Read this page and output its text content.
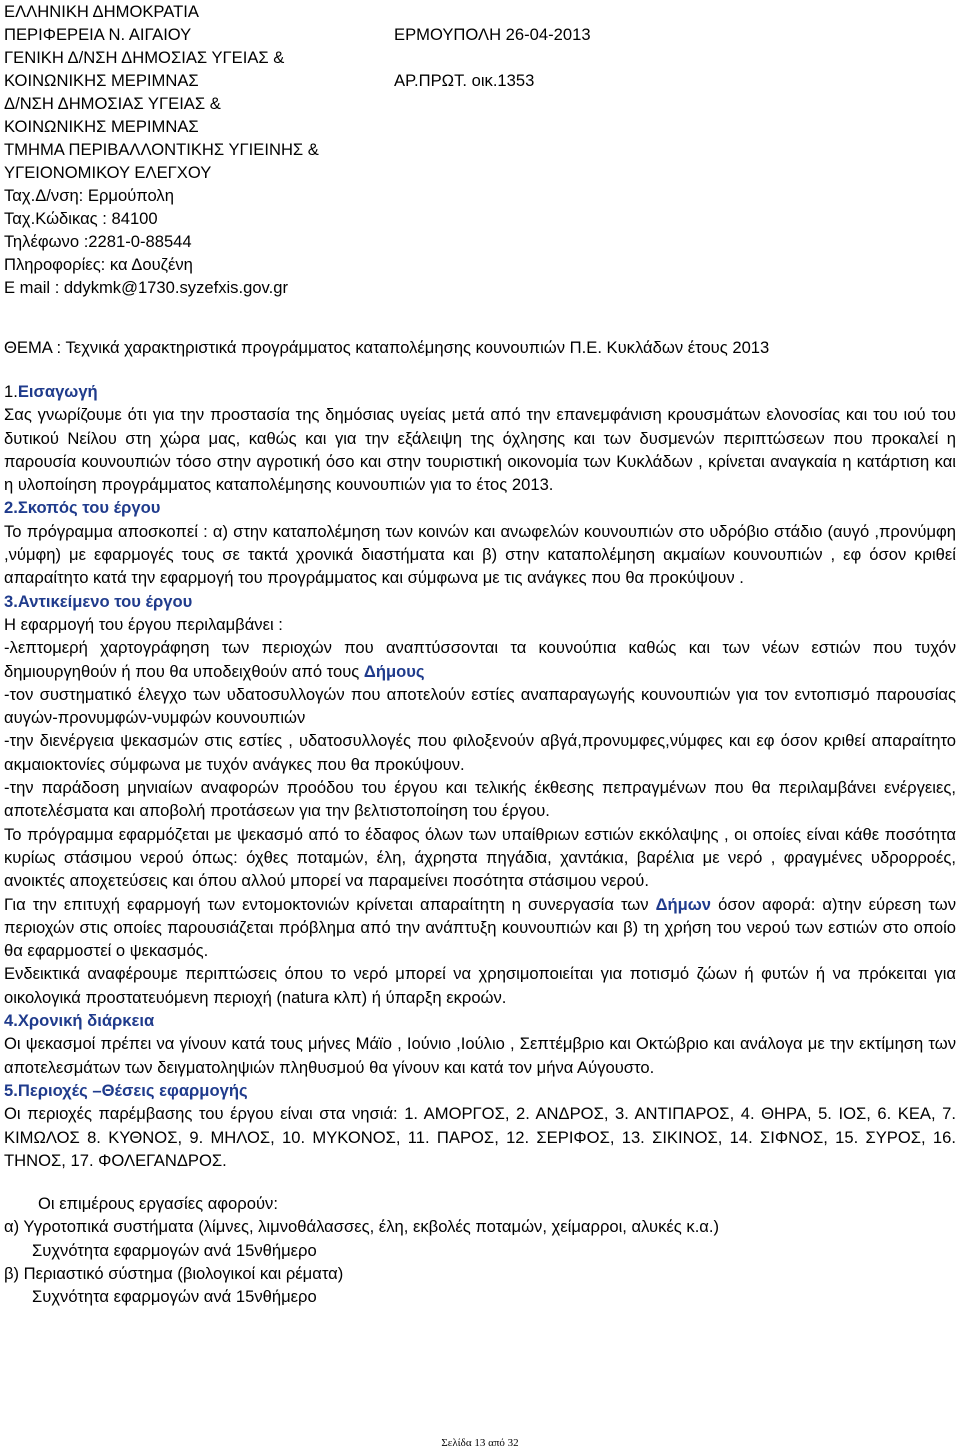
ΕΛΛΗΝΙΚΗ ΔΗΜΟΚΡΑΤΙΑ
ΠΕΡΙΦΕΡΕΙΑ Ν. ΑΙΓΑΙΟΥ
ΓΕΝΙΚΗ Δ/ΝΣΗ ΔΗΜΟΣΙΑΣ ΥΓΕΙΑΣ &
ΚΟΙΝΩΝΙΚΗΣ ΜΕΡΙΜΝΑΣ
Δ/ΝΣΗ ΔΗΜΟΣΙΑΣ ΥΓΕΙΑΣ &
ΚΟΙΝΩΝΙΚΗΣ ΜΕΡΙΜΝΑΣ
ΤΜΗΜΑ ΠΕΡΙΒΑΛΛΟΝΤΙΚΗΣ ΥΓΙΕΙΝΗΣ &
ΥΓΕΙΟΝΟΜΙΚΟΥ ΕΛΕΓΧΟΥ
Ταχ.Δ/νση: Ερμούπολη
Ταχ.Κώδικας : 84100
Τηλέφωνο :2281-0-88544
Πληροφορίες: κα Δουζένη
E mail : ddykmk@1730.syzefxis.gov.gr
ΕΡΜΟΥΠΟΛΗ 26-04-2013
ΑΡ.ΠΡΩΤ. οικ.1353
ΘΕΜΑ : Τεχνικά χαρακτηριστικά προγράμματος καταπολέμησης κουνουπιών Π.Ε. Κυκλάδων έτους 2013
1.Εισαγωγή
Σας γνωρίζουμε ότι για την προστασία της δημόσιας υγείας μετά από την επανεμφάνιση κρουσμάτων ελονοσίας και του ιού του δυτικού Νείλου στη χώρα μας, καθώς και για την εξάλειψη της όχλησης και των δυσμενών περιπτώσεων που προκαλεί η παρουσία κουνουπιών τόσο στην αγροτική όσο και στην τουριστική οικονομία των Κυκλάδων , κρίνεται αναγκαία η κατάρτιση και η υλοποίηση προγράμματος καταπολέμησης κουνουπιών για το έτος 2013.
2.Σκοπός του έργου
Το πρόγραμμα αποσκοπεί : α) στην καταπολέμηση των κοινών και ανωφελών κουνουπιών στο υδρόβιο στάδιο (αυγό ,πρoνύμφη ,νύμφη) με εφαρμογές τους σε τακτά χρονικά διαστήματα και β) στην καταπολέμηση ακμαίων κουνουπιών , εφ όσον κριθεί απαραίτητο κατά την εφαρμογή του προγράμματος και σύμφωνα με τις ανάγκες που θα προκύψουν .
3.Αντικείμενο του έργου
Η εφαρμογή του έργου περιλαμβάνει :
-λεπτομερή χαρτογράφηση των περιοχών που αναπτύσσονται τα κουνούπια καθώς και των νέων εστιών που τυχόν δημιουργηθούν ή που θα υποδειχθούν από τους Δήμους
-τον συστηματικό έλεγχο των υδατοσυλλογών που αποτελούν εστίες αναπαραγωγής κουνουπιών για τον εντοπισμό παρουσίας αυγών-προνυμφών-νυμφών κουνουπιών
-την διενέργεια ψεκασμών στις εστίες , υδατοσυλλογές που φιλοξενούν αβγά,προνυμφες,νύμφες και εφ όσον κριθεί απαραίτητο ακμαιοκτονίες σύμφωνα με τυχόν ανάγκες που θα προκύψουν.
-την παράδοση μηνιαίων αναφορών προόδου του έργου και τελικής έκθεσης πεπραγμένων που θα περιλαμβάνει ενέργειες, αποτελέσματα και αποβολή προτάσεων για την βελτιστοποίηση του έργου.
Το πρόγραμμα εφαρμόζεται με ψεκασμό από το έδαφος όλων των υπαίθριων εστιών εκκόλαψης , οι οποίες είναι κάθε ποσότητα κυρίως στάσιμου νερού όπως: όχθες ποταμών, έλη, άχρηστα πηγάδια, χαντάκια, βαρέλια με νερό , φραγμένες υδρορροές, ανοικτές αποχετεύσεις και όπου αλλού μπορεί να παραμείνει ποσότητα στάσιμου νερού.
Για την επιτυχή εφαρμογή των εντομοκτονιών κρίνεται απαραίτητη η συνεργασία των Δήμων όσον αφορά: α)την εύρεση των περιοχών στις οποίες παρουσιάζεται πρόβλημα από την ανάπτυξη κουνουπιών και β) τη χρήση του νερού των εστιών στο οποίο θα εφαρμοστεί ο ψεκασμός.
Ενδεικτικά αναφέρουμε περιπτώσεις όπου το νερό μπορεί να χρησιμοποιείται για ποτισμό ζώων ή φυτών ή να πρόκειται για οικολογικά προστατευόμενη περιοχή (natura κλπ) ή ύπαρξη εκροών.
4.Χρονική διάρκεια
Οι ψεκασμοί πρέπει να γίνουν κατά τους μήνες Μάϊο , Ιούνιο ,Ιούλιο , Σεπτέμβριο και Οκτώβριο και ανάλογα με την εκτίμηση των αποτελεσμάτων των δειγματοληψιών πληθυσμού θα γίνουν και κατά τον μήνα Αύγουστο.
5.Περιοχές –Θέσεις εφαρμογής
Οι περιοχές παρέμβασης του έργου είναι στα νησιά: 1. ΑΜΟΡΓΟΣ, 2. ΑΝΔΡΟΣ, 3. ΑΝΤΙΠΑΡΟΣ, 4. ΘΗΡΑ, 5. ΙΟΣ, 6. ΚΕΑ, 7. ΚΙΜΩΛΟΣ 8. ΚΥΘΝΟΣ, 9. ΜΗΛΟΣ, 10. ΜΥΚΟΝΟΣ, 11. ΠΑΡΟΣ, 12. ΣΕΡΙΦΟΣ, 13. ΣΙΚΙΝΟΣ, 14. ΣΙΦΝΟΣ, 15. ΣΥΡΟΣ, 16. ΤΗΝΟΣ, 17. ΦΟΛΕΓΑΝΔΡΟΣ.
Οι επιμέρους εργασίες αφορούν:
α) Υγροτοπικά συστήματα (λίμνες, λιμνοθάλασσες, έλη, εκβολές ποταμών, χείμαρροι, αλυκές κ.α.)
Συχνότητα εφαρμογών ανά 15νθήμερο
β) Περιαστικό σύστημα (βιολογικοί και ρέματα)
Συχνότητα εφαρμογών ανά 15νθήμερο
Σελίδα 13 από 32
